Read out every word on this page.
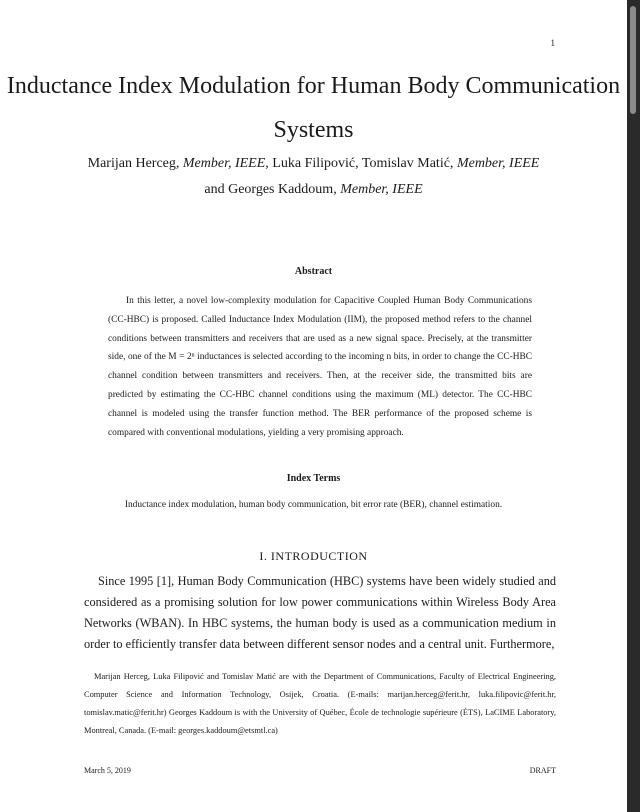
1
Inductance Index Modulation for Human Body Communication Systems
Marijan Herceg, Member, IEEE, Luka Filipović, Tomislav Matić, Member, IEEE
and Georges Kaddoum, Member, IEEE
Abstract
In this letter, a novel low-complexity modulation for Capacitive Coupled Human Body Communications (CC-HBC) is proposed. Called Inductance Index Modulation (IIM), the proposed method refers to the channel conditions between transmitters and receivers that are used as a new signal space. Precisely, at the transmitter side, one of the M = 2ⁿ inductances is selected according to the incoming n bits, in order to change the CC-HBC channel condition between transmitters and receivers. Then, at the receiver side, the transmitted bits are predicted by estimating the CC-HBC channel conditions using the maximum (ML) detector. The CC-HBC channel is modeled using the transfer function method. The BER performance of the proposed scheme is compared with conventional modulations, yielding a very promising approach.
Index Terms
Inductance index modulation, human body communication, bit error rate (BER), channel estimation.
I. INTRODUCTION
Since 1995 [1], Human Body Communication (HBC) systems have been widely studied and considered as a promising solution for low power communications within Wireless Body Area Networks (WBAN). In HBC systems, the human body is used as a communication medium in order to efficiently transfer data between different sensor nodes and a central unit. Furthermore,
Marijan Herceg, Luka Filipović and Tomislav Matić are with the Department of Communications, Faculty of Electrical Engineering, Computer Science and Information Technology, Osijek, Croatia. (E-mails: marijan.herceg@ferit.hr, luka.filipovic@ferit.hr, tomislav.matic@ferit.hr) Georges Kaddoum is with the University of Québec, École de technologie supérieure (ÉTS), LaCIME Laboratory, Montreal, Canada. (E-mail: georges.kaddoum@etsmtl.ca)
March 5, 2019	DRAFT
